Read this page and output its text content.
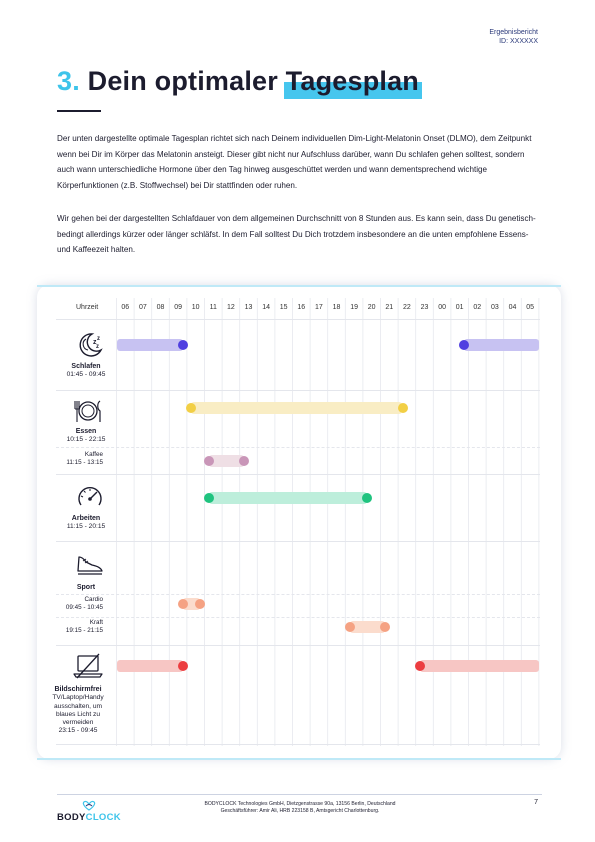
Ergebnisbericht
ID: XXXXXX
3. Dein optimaler Tagesplan

Der unten dargestellte optimale Tagesplan richtet sich nach Deinem individuellen Dim-Light-Melatonin Onset (DLMO), dem Zeitpunkt wenn bei Dir im Körper das Melatonin ansteigt. Dieser gibt nicht nur Aufschluss darüber, wann Du schlafen gehen solltest, sondern auch wann unterschiedliche Hormone über den Tag hinweg ausgeschüttet werden und wann dementsprechend wichtige Körperfunktionen (z.B. Stoffwechsel) bei Dir stattfinden oder ruhen.

Wir gehen bei der dargestellten Schlafdauer von dem allgemeinen Durchschnitt von 8 Stunden aus. Es kann sein, dass Du genetisch-bedingt allerdings kürzer oder länger schläfst. In dem Fall solltest Du Dich trotzdem insbesondere an die unten empfohlene Essens- und Kaffeezeit halten.

Uhrzeit	06	07	08	09	10	11	12	13	14	15	16	17	18	19	20	21	22	23	00	01	02	03	04	05
z z
z
Schlafen
01:45 - 09:45
Essen
10:15 - 22:15
Kaffee
11:15 - 13:15
Arbeiten
11:15 - 20:15
Sport
Cardio
09:45 - 10:45
Kraft
19:15 - 21:15
Bildschirmfrei
TV/Laptop/Handy ausschalten, um blaues Licht zu vermeiden
23:15 - 09:45
BODYCLOCK
BODYCLOCK Technologies GmbH, Dietzgenstrasse 90a, 13156 Berlin, Deutschland
Geschäftsführer: Amir Ali, HRB 223158 B, Amtsgericht Charlottenburg.
7
